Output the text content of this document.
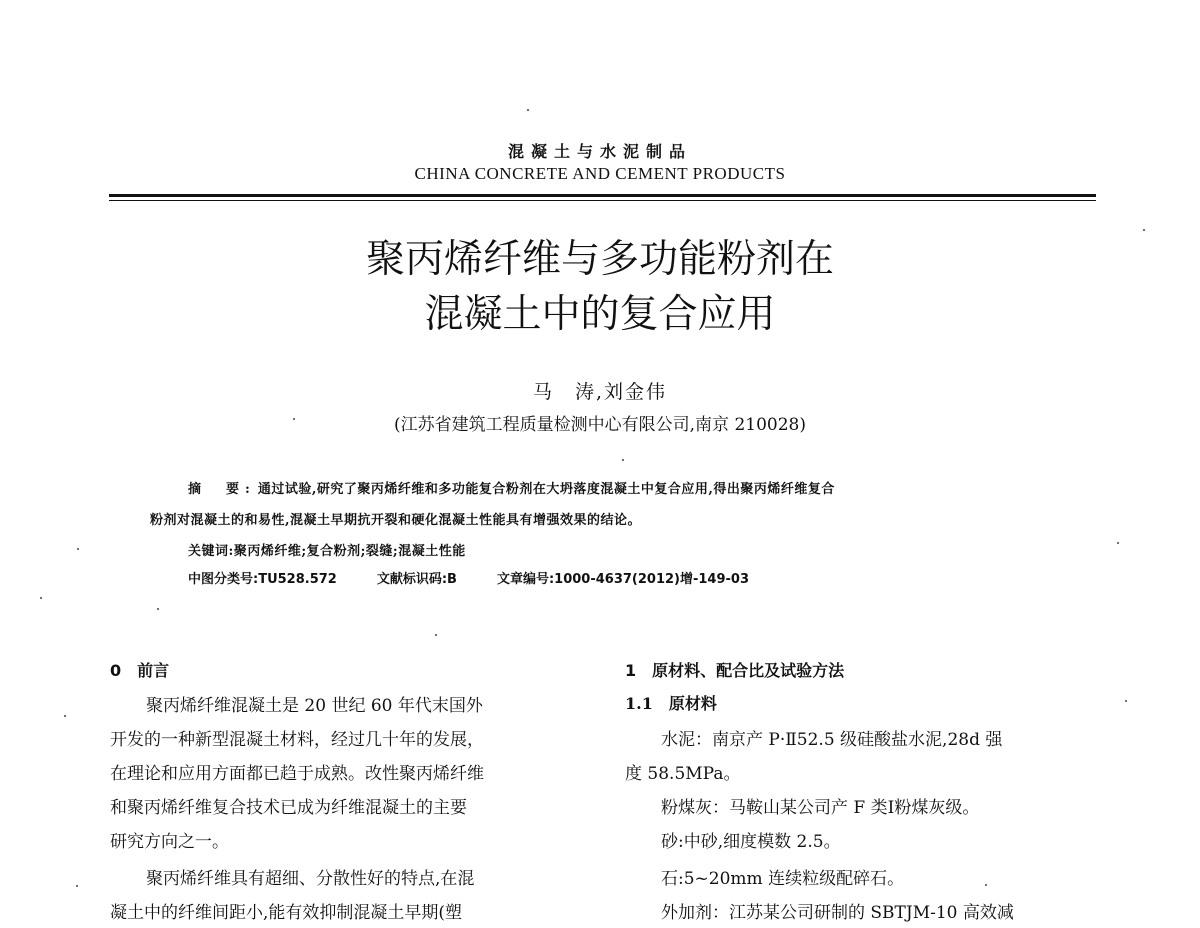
混凝土与水泥制品
CHINA CONCRETE AND CEMENT PRODUCTS
聚丙烯纤维与多功能粉剂在
混凝土中的复合应用
马　涛,刘金伟
(江苏省建筑工程质量检测中心有限公司,南京 210028)
摘　要: 通过试验,研究了聚丙烯纤维和多功能复合粉剂在大坍落度混凝土中复合应用,得出聚丙烯纤维复合
粉剂对混凝土的和易性,混凝土早期抗开裂和硬化混凝土性能具有增强效果的结论。
关键词:聚丙烯纤维;复合粉剂;裂缝;混凝土性能
中图分类号:TU528.572	文献标识码:B	文章编号:1000-4637(2012)增-149-03
0　前言
聚丙烯纤维混凝土是 20 世纪 60 年代末国外
开发的一种新型混凝土材料，经过几十年的发展，
在理论和应用方面都已趋于成熟。改性聚丙烯纤维
和聚丙烯纤维复合技术已成为纤维混凝土的主要
研究方向之一。
聚丙烯纤维具有超细、分散性好的特点,在混
凝土中的纤维间距小,能有效抑制混凝土早期(塑
1　原材料、配合比及试验方法
1.1　原材料
水泥：南京产 P·Ⅱ52.5 级硅酸盐水泥,28d 强
度 58.5MPa。
粉煤灰：马鞍山某公司产 F 类Ⅰ粉煤灰级。
砂:中砂,细度模数 2.5。
石:5~20mm 连续粒级配碎石。
外加剂：江苏某公司研制的 SBTJM-10 高效减
